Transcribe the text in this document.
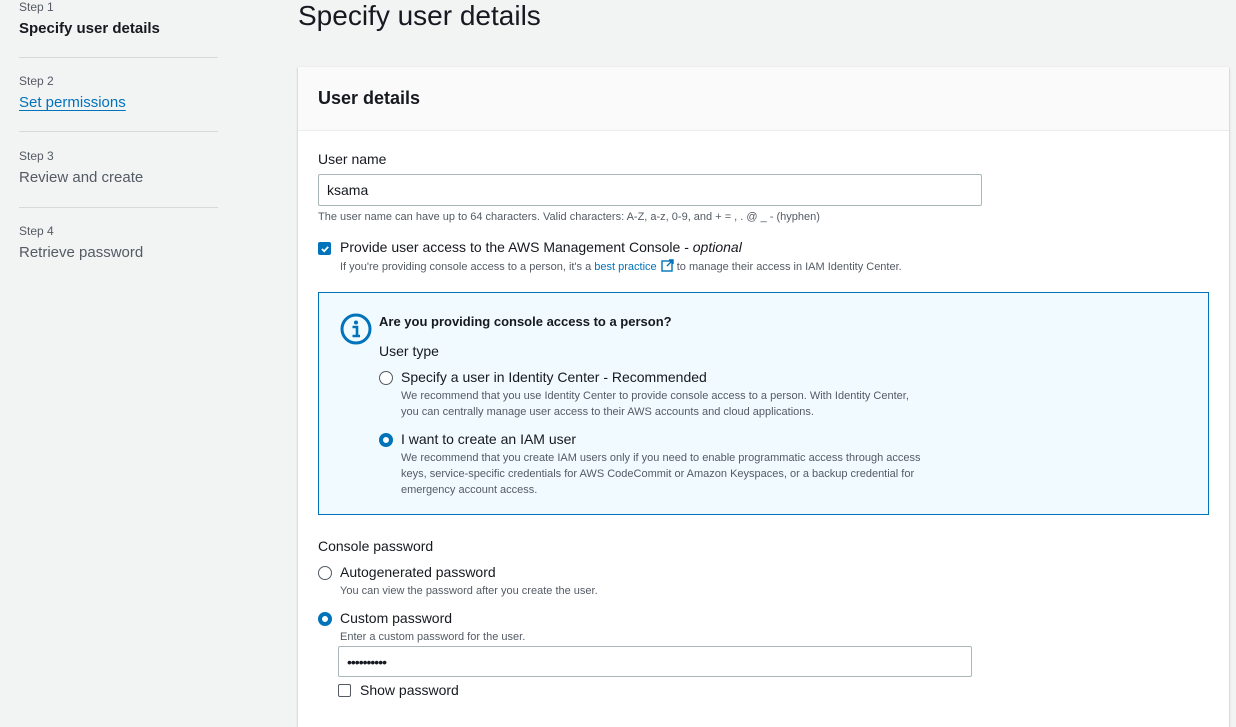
Step 1
Specify user details
Step 2
Set permissions
Step 3
Review and create
Step 4
Retrieve password
Specify user details
User details
User name
ksama
The user name can have up to 64 characters. Valid characters: A-Z, a-z, 0-9, and + = , . @ _ - (hyphen)
Provide user access to the AWS Management Console - optional
If you're providing console access to a person, it's a best practice to manage their access in IAM Identity Center.
Are you providing console access to a person?
User type
Specify a user in Identity Center - Recommended
We recommend that you use Identity Center to provide console access to a person. With Identity Center,
you can centrally manage user access to their AWS accounts and cloud applications.
I want to create an IAM user
We recommend that you create IAM users only if you need to enable programmatic access through access
keys, service-specific credentials for AWS CodeCommit or Amazon Keyspaces, or a backup credential for
emergency account access.
Console password
Autogenerated password
You can view the password after you create the user.
Custom password
Enter a custom password for the user.
••••••••••
Show password
